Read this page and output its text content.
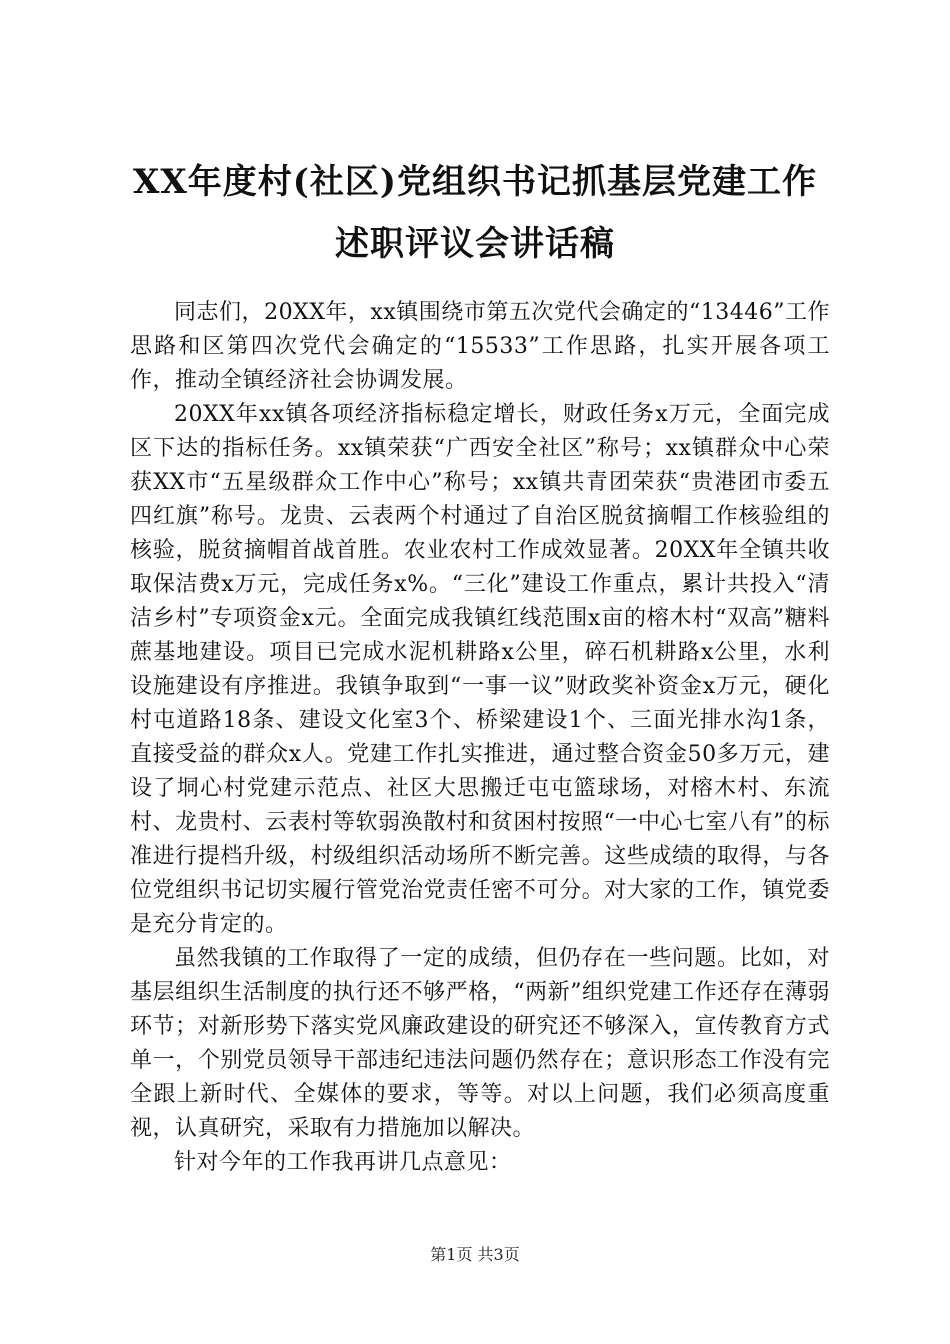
XX年度村(社区)党组织书记抓基层党建工作
述职评议会讲话稿

同志们，20XX年，xx镇围绕市第五次党代会确定的“13446”工作思路和区第四次党代会确定的“15533”工作思路，扎实开展各项工作，推动全镇经济社会协调发展。

20XX年xx镇各项经济指标稳定增长，财政任务x万元，全面完成区下达的指标任务。xx镇荣获“广西安全社区”称号；xx镇群众中心荣获XX市“五星级群众工作中心”称号；xx镇共青团荣获“贵港团市委五四红旗”称号。龙贵、云表两个村通过了自治区脱贫摘帽工作核验组的核验，脱贫摘帽首战首胜。农业农村工作成效显著。20XX年全镇共收取保洁费x万元，完成任务x%。“三化”建设工作重点，累计共投入“清洁乡村”专项资金x元。全面完成我镇红线范围x亩的榕木村“双高”糖料蔗基地建设。项目已完成水泥机耕路x公里，碎石机耕路x公里，水利设施建设有序推进。我镇争取到“一事一议”财政奖补资金x万元，硬化村屯道路18条、建设文化室3个、桥梁建设1个、三面光排水沟1条，直接受益的群众x人。党建工作扎实推进，通过整合资金50多万元，建设了垌心村党建示范点、社区大思搬迁屯屯篮球场，对榕木村、东流村、龙贵村、云表村等软弱涣散村和贫困村按照“一中心七室八有”的标准进行提档升级，村级组织活动场所不断完善。这些成绩的取得，与各位党组织书记切实履行管党治党责任密不可分。对大家的工作，镇党委是充分肯定的。

虽然我镇的工作取得了一定的成绩，但仍存在一些问题。比如，对基层组织生活制度的执行还不够严格，“两新”组织党建工作还存在薄弱环节；对新形势下落实党风廉政建设的研究还不够深入，宣传教育方式单一，个别党员领导干部违纪违法问题仍然存在；意识形态工作没有完全跟上新时代、全媒体的要求，等等。对以上问题，我们必须高度重视，认真研究，采取有力措施加以解决。

针对今年的工作我再讲几点意见：

第1页 共3页
